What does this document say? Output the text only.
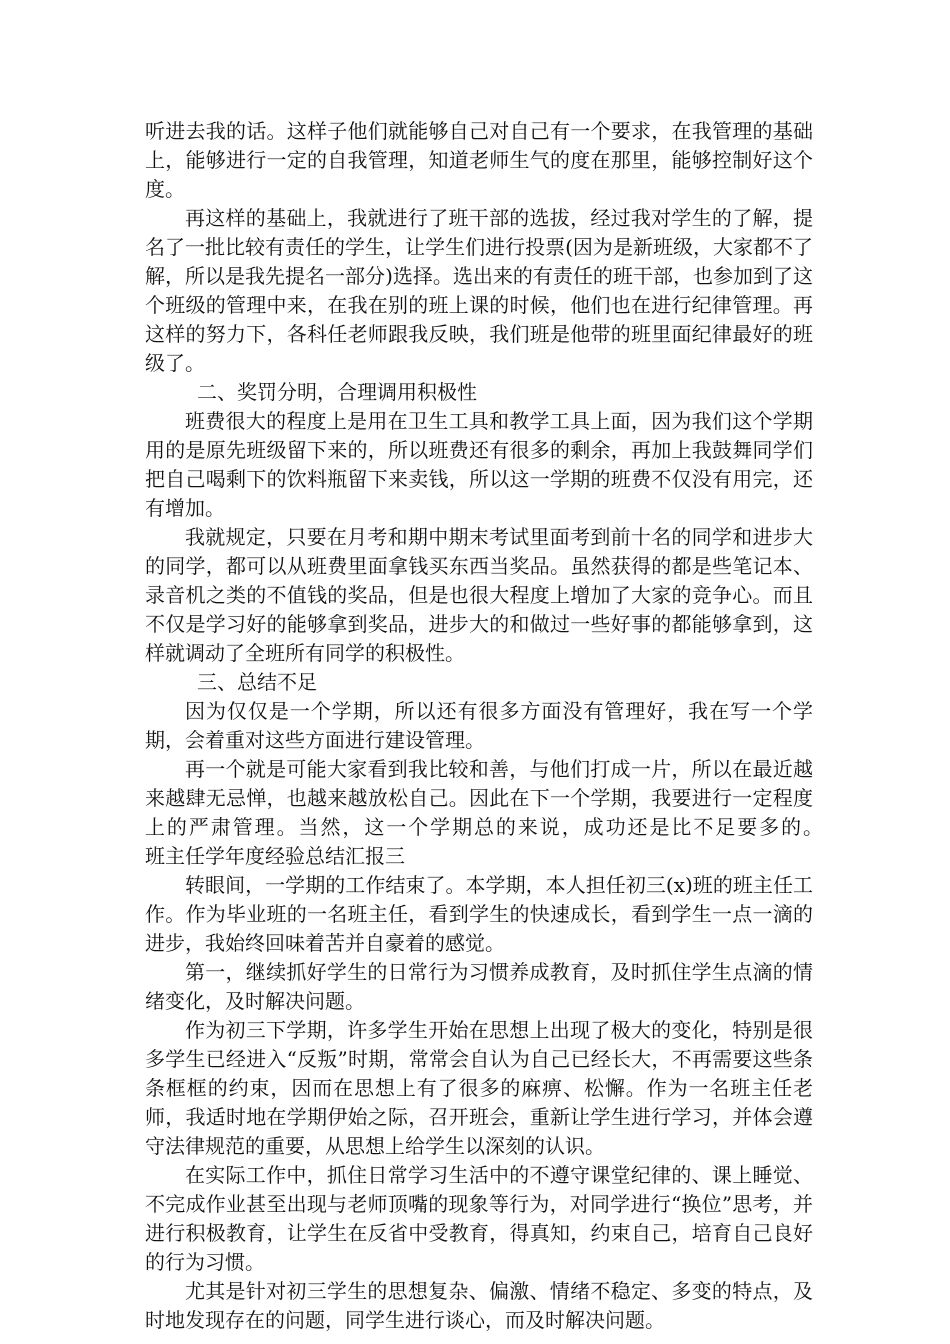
听进去我的话。这样子他们就能够自己对自己有一个要求，在我管理的基础上，能够进行一定的自我管理，知道老师生气的度在那里，能够控制好这个度。

再这样的基础上，我就进行了班干部的选拔，经过我对学生的了解，提名了一批比较有责任的学生，让学生们进行投票(因为是新班级，大家都不了解，所以是我先提名一部分)选择。选出来的有责任的班干部，也参加到了这个班级的管理中来，在我在别的班上课的时候，他们也在进行纪律管理。再这样的努力下，各科任老师跟我反映，我们班是他带的班里面纪律最好的班级了。

二、奖罚分明，合理调用积极性

班费很大的程度上是用在卫生工具和教学工具上面，因为我们这个学期用的是原先班级留下来的，所以班费还有很多的剩余，再加上我鼓舞同学们把自己喝剩下的饮料瓶留下来卖钱，所以这一学期的班费不仅没有用完，还有增加。

我就规定，只要在月考和期中期末考试里面考到前十名的同学和进步大的同学，都可以从班费里面拿钱买东西当奖品。虽然获得的都是些笔记本、录音机之类的不值钱的奖品，但是也很大程度上增加了大家的竞争心。而且不仅是学习好的能够拿到奖品，进步大的和做过一些好事的都能够拿到，这样就调动了全班所有同学的积极性。

三、总结不足

因为仅仅是一个学期，所以还有很多方面没有管理好，我在写一个学期，会着重对这些方面进行建设管理。

再一个就是可能大家看到我比较和善，与他们打成一片，所以在最近越来越肆无忌惮，也越来越放松自己。因此在下一个学期，我要进行一定程度上的严肃管理。当然，这一个学期总的来说，成功还是比不足要多的。　　班主任学年度经验总结汇报三

转眼间，一学期的工作结束了。本学期，本人担任初三(x)班的班主任工作。作为毕业班的一名班主任，看到学生的快速成长，看到学生一点一滴的进步，我始终回味着苦并自豪着的感觉。

第一，继续抓好学生的日常行为习惯养成教育，及时抓住学生点滴的情绪变化，及时解决问题。

作为初三下学期，许多学生开始在思想上出现了极大的变化，特别是很多学生已经进入“反叛”时期，常常会自认为自己已经长大，不再需要这些条条框框的约束，因而在思想上有了很多的麻痹、松懈。作为一名班主任老师，我适时地在学期伊始之际，召开班会，重新让学生进行学习，并体会遵守法律规范的重要，从思想上给学生以深刻的认识。

在实际工作中，抓住日常学习生活中的不遵守课堂纪律的、课上睡觉、不完成作业甚至出现与老师顶嘴的现象等行为，对同学进行“换位”思考，并进行积极教育，让学生在反省中受教育，得真知，约束自己，培育自己良好的行为习惯。

尤其是针对初三学生的思想复杂、偏激、情绪不稳定、多变的特点，及时地发现存在的问题，同学生进行谈心，而及时解决问题。
